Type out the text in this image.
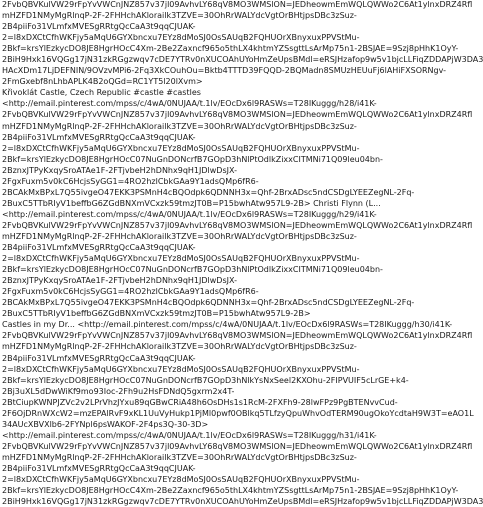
2FvbQBVKulVW29rFpYvVWCnJNZ857v37jl09AvhvLY68qV8MO3WMSlON=JEDheowmEmWQLQWWo2C6At1ylnxDRZ4Rfl
mHZFD1NMyMgRlnqP-2F-2FHHchAKlorailk3TZVE=30OhRrWALYdcVgtOrBHtjpsDBc3zSuz-
2B4piiFo31VLmfxMVESgRRtgQcCaA3t9qqCJUAK-
2=l8xDXCtCfhWKFjy5aMqU6GYXbncxu7EYz8dMoSJ0OsSAUqB2FQHUOrXBnyxuxPPVStMu-
2Bkf=krsYlEzkycDO8JE8HgrHOcC4Xm-2Be2Zaxncf965o5thLX4khtmYZSsgttLsArMp75n1-2BSJAE=9Szj8pHhK1OyY-
2BiH9Hxk16VQGg17jN31zkRGgzwqv7cDE7YTRv0nXUCOAhUYoHmZeUpsBMdl=eRSJHzafop9w5v1bjcLLFiqZDDAPjW3DA3
HAcXDm17LjDEFNIN/9OVzvMPi6-2Fq3XkCOuhOu=Bktb4TTTD39FQQD-2BQMadn8SMUzHEUuFj6lAHiFXSORNgv-
2FmGxebf8nLhbAPLK4B2oQGd=RC1YT5l20lXvm>
Křivoklát Castle, Czech Republic #castle #castles
<http://email.pinterest.com/mpss/c/4wA/0NUJAA/t.1lv/EOcDx6l9RASWs=T28IKuggg/h28/i41K-
2FvbQBVKulVW29rFpYvVWCnJNZ857v37jl09AvhvLY68qV8MO3WMSlON=JEDheowmEmWQLQWWo2C6At1ylnxDRZ4Rfl
mHZFD1NMyMgRlnqP-2F-2FHHchAKlorailk3TZVE=30OhRrWALYdcVgtOrBHtjpsDBc3zSuz-
2B4piiFo31VLmfxMVESgRRtgQcCaA3t9qqCJUAK-
2=l8xDXCtCfhWKFjy5aMqU6GYXbncxu7EYz8dMoSJ0OsSAUqB2FQHUOrXBnyxuxPPVStMu-
2Bkf=krsYlEzkycDO8JE8HgrHOcC07NuGnDONcrfB7GOpD3hNlPtOdlkZixxCITMNi71Q09leu04bn-
2BznxJTPyKxqySroATAe1F-2FTjvbeH2hDNhx9qH1JDlwDsJX-
2FgxFuxm5v0kC6HcjsSyGG1=4RO2hzlCbkGAa9Y1adsQMp6fR6-
2BCAkMxBPxL7Q55ivgeO47EKK3PSMnH4cBQOdpk6QDNNH3x=Qhf-2BrxADsc5ndCSDgLYEEZegNL-2Fq-
2BuxC5TTbRIyV1beffbG6ZGdBNXmVCxzk59tmzJT0B=P15bwhAtw957L9-2B> Christi Flynn (L...
<http://email.pinterest.com/mpss/c/4wA/0NUJAA/t.1lv/EOcDx6l9RASWs=T28IKuggg/h29/i41K-
2FvbQBVKulVW29rFpYvVWCnJNZ857v37jl09AvhvLY68qV8MO3WMSlON=JEDheowmEmWQLQWWo2C6At1ylnxDRZ4Rfl
mHZFD1NMyMgRlnqP-2F-2FHHchAKlorailk3TZVE=30OhRrWALYdcVgtOrBHtjpsDBc3zSuz-
2B4piiFo31VLmfxMVESgRRtgQcCaA3t9qqCJUAK-
2=l8xDXCtCfhWKFjy5aMqU6GYXbncxu7EYz8dMoSJ0OsSAUqB2FQHUOrXBnyxuxPPVStMu-
2Bkf=krsYlEzkycDO8JE8HgrHOcC07NuGnDONcrfB7GOpD3hNlPtOdlkZixxCITMNi71Q09leu04bn-
2BznxJTPyKxqySroATAe1F-2FTjvbeH2hDNhx9qH1JDlwDsJX-
2FgxFuxm5v0kC6HcjsSyGG1=4RO2hzlCbkGAa9Y1adsQMp6fR6-
2BCAkMxBPxL7Q55ivgeO47EKK3PSMnH4cBQOdpk6QDNNH3x=Qhf-2BrxADsc5ndCSDgLYEEZegNL-2Fq-
2BuxC5TTbRIyV1beffbG6ZGdBNXmVCxzk59tmzJT0B=P15bwhAtw957L9-2B>
Castles in my Dr... <http://email.pinterest.com/mpss/c/4wA/0NUJAA/t.1lv/EOcDx6l9RASWs=T28IKuggg/h30/i41K-
2FvbQBVKulVW29rFpYvVWCnJNZ857v37jl09AvhvLY68qV8MO3WMSlON=JEDheowmEmWQLQWWo2C6At1ylnxDRZ4Rfl
mHZFD1NMyMgRlnqP-2F-2FHHchAKlorailk3TZVE=30OhRrWALYdcVgtOrBHtjpsDBc3zSuz-
2B4piiFo31VLmfxMVESgRRtgQcCaA3t9qqCJUAK-
2=l8xDXCtCfhWKFjy5aMqU6GYXbncxu7EYz8dMoSJ0OsSAUqB2FQHUOrXBnyxuxPPVStMu-
2Bkf=krsYlEzkycDO8JE8HgrHOcC07NuGnDONcrfB7GOpD3hNlkYsNxSeel2KXOhu-2FIPVUIF5cLrGE+k4-
2Bj3uXL5dDwWiKf9mo93Ioc-2Fh9u2HsFDNdQ5gxrm2x4T-
2BtCiupKWNPJZVc2v2LPrVhzJYxu89qGBwCRiA48h6OsDHs1s1RcM-2FXFh9-28lwFPz9PgBTENvvCud-
2F6OjDRnWXcW2=mzEPAlRvF9xKL1UuVyHukp1PjMl0pwf0OBlkq5TLfzyQpuWhvOdTERM90ugOkoYcdtaH9W3T=eAO1L
34AUcXBVXlb6-2FYNpl6psWAKOF-2F4ps3Q-30-3D>
<http://email.pinterest.com/mpss/c/4wA/0NUJAA/t.1lv/EOcDx6l9RASWs=T28IKuggg/h31/i41K-
2FvbQBVKulVW29rFpYvVWCnJNZ857v37jl09AvhvLY68qV8MO3WMSlON=JEDheowmEmWQLQWWo2C6At1ylnxDRZ4Rfl
mHZFD1NMyMgRlnqP-2F-2FHHchAKlorailk3TZVE=30OhRrWALYdcVgtOrBHtjpsDBc3zSuz-
2B4piiFo31VLmfxMVESgRRtgQcCaA3t9qqCJUAK-
2=l8xDXCtCfhWKFjy5aMqU6GYXbncxu7EYz8dMoSJ0OsSAUqB2FQHUOrXBnyxuxPPVStMu-
2Bkf=krsYlEzkycDO8JE8HgrHOcC4Xm-2Be2Zaxncf965o5thLX4khtmYZSsgttLsArMp75n1-2BSJAE=9Szj8pHhK1OyY-
2BiH9Hxk16VQGg17jN31zkRGgzwqv7cDE7YTRv0nXUCOAhUYoHmZeUpsBMdl=eRSJHzafop9w5v1bjcLLFiqZDDAPjW3DA3
